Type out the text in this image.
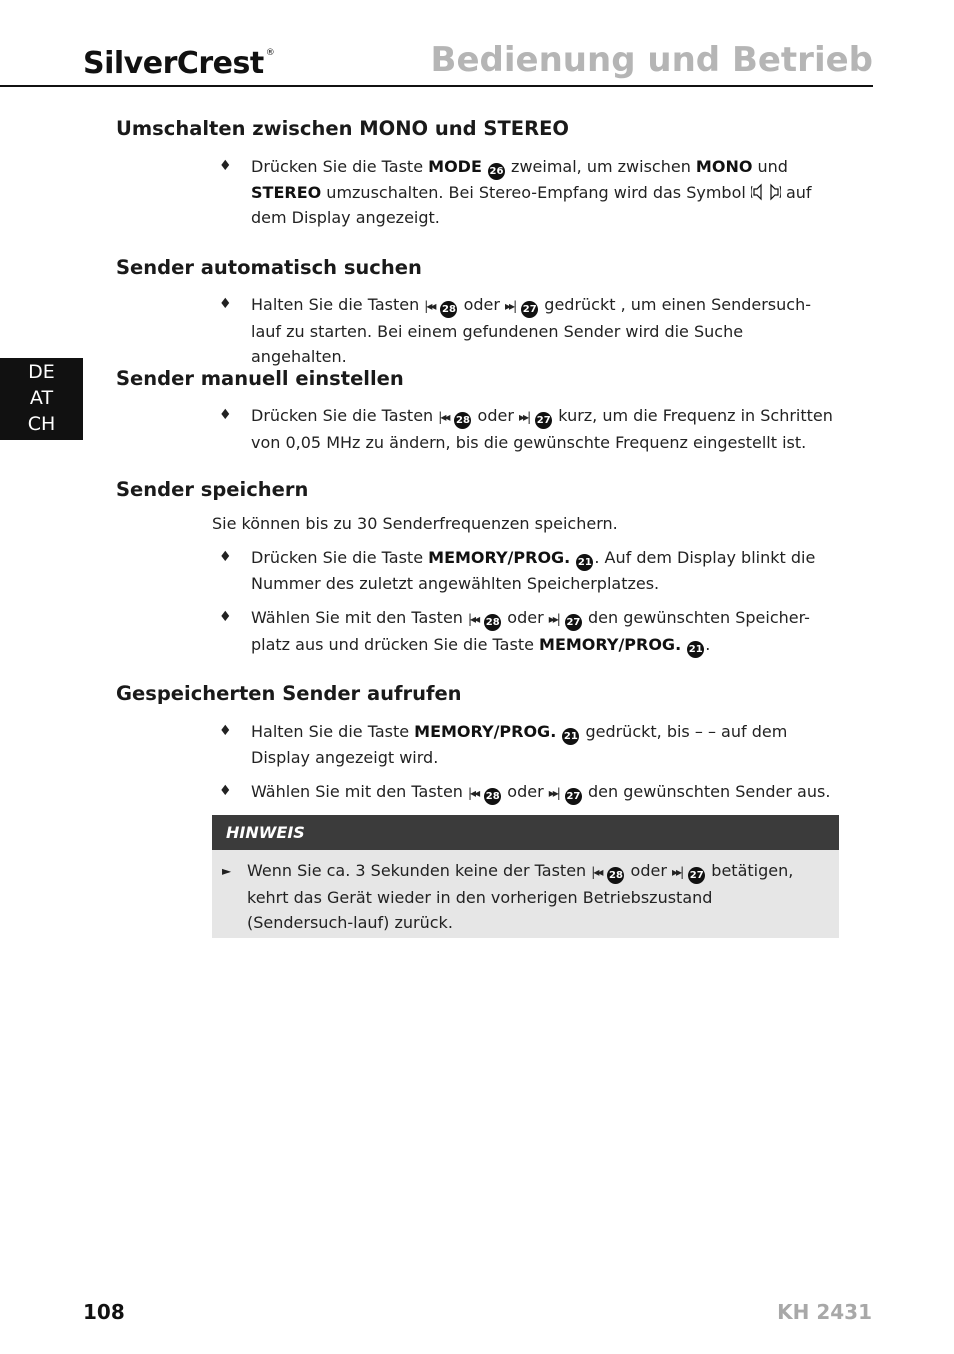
SilverCrest ®	Bedienung und Betrieb
DE
AT
CH
Umschalten zwischen MONO und STEREO
♦ Drücken Sie die Taste MODE 26 zweimal, um zwischen MONO und STEREO umzuschalten. Bei Stereo-Empfang wird das Symbol  auf dem Display angezeigt.
Sender automatisch suchen
♦ Halten Sie die Tasten |◂◂ 28 oder ▸▸| 27 gedrückt , um einen Sendersuch-lauf zu starten. Bei einem gefundenen Sender wird die Suche angehalten.
Sender manuell einstellen
♦ Drücken Sie die Tasten |◂◂ 28 oder ▸▸| 27 kurz, um die Frequenz in Schritten von 0,05 MHz zu ändern, bis die gewünschte Frequenz eingestellt ist.
Sender speichern
Sie können bis zu 30 Senderfrequenzen speichern.
♦ Drücken Sie die Taste MEMORY/PROG. 21 . Auf dem Display blinkt die Nummer des zuletzt angewählten Speicherplatzes.
♦ Wählen Sie mit den Tasten |◂◂ 28 oder ▸▸| 27 den gewünschten Speicher-platz aus und drücken Sie die Taste MEMORY/PROG. 21 .
Gespeicherten Sender aufrufen
♦ Halten Sie die Taste MEMORY/PROG. 21 gedrückt, bis – – auf dem Display angezeigt wird.
♦ Wählen Sie mit den Tasten |◂◂ 28 oder ▸▸| 27 den gewünschten Sender aus.
HINWEIS
► Wenn Sie ca. 3 Sekunden keine der Tasten |◂◂ 28 oder ▸▸| 27 betätigen, kehrt das Gerät wieder in den vorherigen Betriebszustand (Sendersuch-lauf) zurück.
108	KH 2431
